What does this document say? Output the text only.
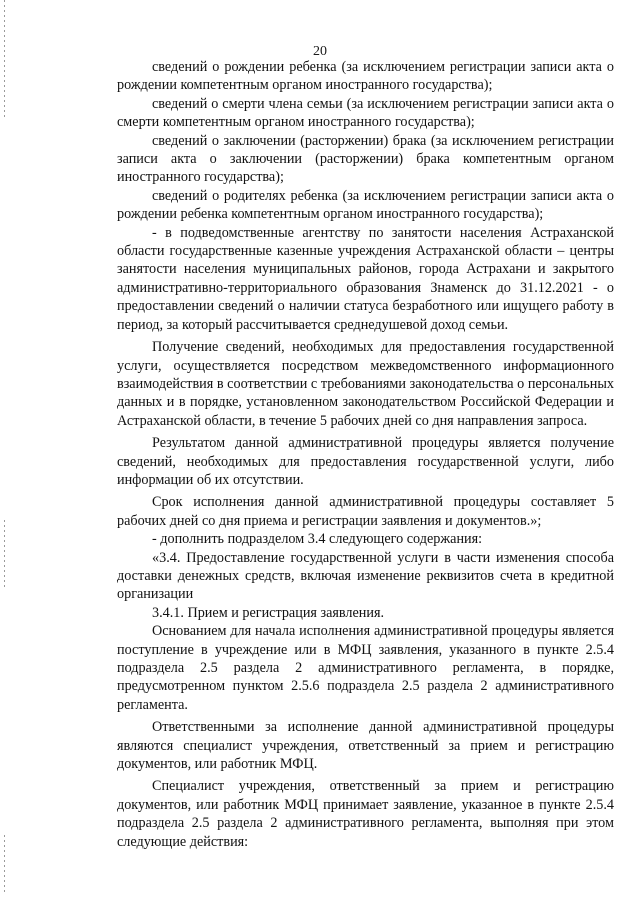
20

сведений о рождении ребенка (за исключением регистрации записи акта о рождении компетентным органом иностранного государства);

сведений о смерти члена семьи (за исключением регистрации записи акта о смерти компетентным органом иностранного государства);

сведений о заключении (расторжении) брака (за исключением регистрации записи акта о заключении (расторжении) брака компетентным органом иностранного государства);

сведений о родителях ребенка (за исключением регистрации записи акта о рождении ребенка компетентным органом иностранного государства);

- в подведомственные агентству по занятости населения Астраханской области государственные казенные учреждения Астраханской области – центры занятости населения муниципальных районов, города Астрахани и закрытого административно-территориального образования Знаменск до 31.12.2021 - о предоставлении сведений о наличии статуса безработного или ищущего работу в период, за который рассчитывается среднедушевой доход семьи.

Получение сведений, необходимых для предоставления государственной услуги, осуществляется посредством межведомственного информационного взаимодействия в соответствии с требованиями законодательства о персональных данных и в порядке, установленном законодательством Российской Федерации и Астраханской области, в течение 5 рабочих дней со дня направления запроса.

Результатом данной административной процедуры является получение сведений, необходимых для предоставления государственной услуги, либо информации об их отсутствии.

Срок исполнения данной административной процедуры составляет 5 рабочих дней со дня приема и регистрации заявления и документов.»;

- дополнить подразделом 3.4 следующего содержания:

«3.4. Предоставление государственной услуги в части изменения способа доставки денежных средств, включая изменение реквизитов счета в кредитной организации

3.4.1. Прием и регистрация заявления.

Основанием для начала исполнения административной процедуры является поступление в учреждение или в МФЦ заявления, указанного в пункте 2.5.4 подраздела 2.5 раздела 2 административного регламента, в порядке, предусмотренном пунктом 2.5.6 подраздела 2.5 раздела 2 административного регламента.

Ответственными за исполнение данной административной процедуры являются специалист учреждения, ответственный за прием и регистрацию документов, или работник МФЦ.

Специалист учреждения, ответственный за прием и регистрацию документов, или работник МФЦ принимает заявление, указанное в пункте 2.5.4 подраздела 2.5 раздела 2 административного регламента, выполняя при этом следующие действия:
